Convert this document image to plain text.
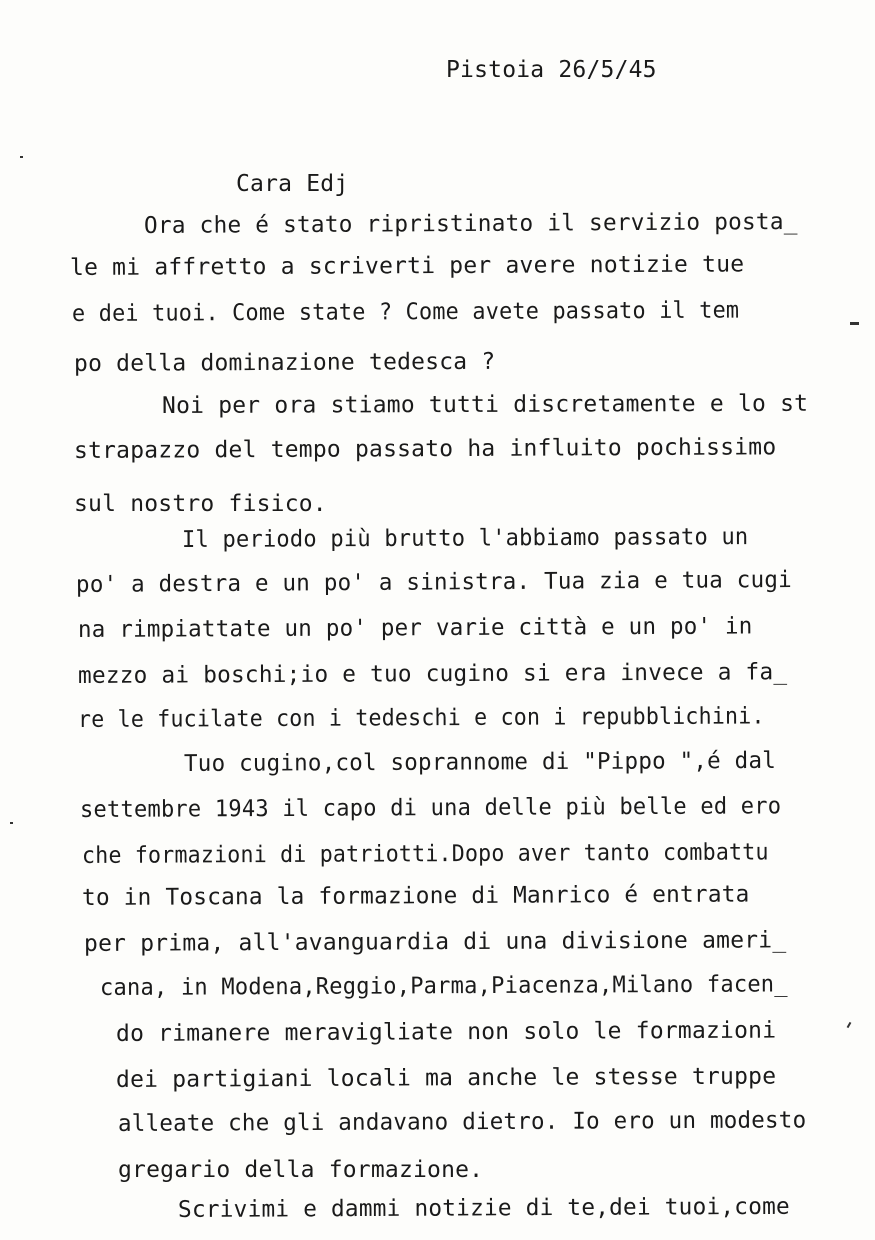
Pistoia 26/5/45
Cara Edj
Ora che é stato ripristinato il servizio posta_
le mi affretto a scriverti per avere notizie tue
e dei tuoi. Come state ? Come avete passato il tem
po della dominazione tedesca ?
Noi per ora stiamo tutti discretamente e lo st
strapazzo del tempo passato ha influito pochissimo
sul nostro fisico.
Il periodo più brutto l'abbiamo passato un
po' a destra e un po' a sinistra. Tua zia e tua cugi
na rimpiattate un po' per varie città e un po' in
mezzo ai boschi;io e tuo cugino si era invece a fa_
re le fucilate con i tedeschi e con i repubblichini.
Tuo cugino,col soprannome di "Pippo ",é dal
settembre 1943 il capo di una delle più belle ed ero
che formazioni di patriotti.Dopo aver tanto combattu
to in Toscana la formazione di Manrico é entrata
per prima, all'avanguardia di una divisione ameri_
cana, in Modena,Reggio,Parma,Piacenza,Milano facen_
do rimanere meravigliate non solo le formazioni
dei partigiani locali ma anche le stesse truppe
alleate che gli andavano dietro. Io ero un modesto
gregario della formazione.
Scrivimi e dammi notizie di te,dei tuoi,come
